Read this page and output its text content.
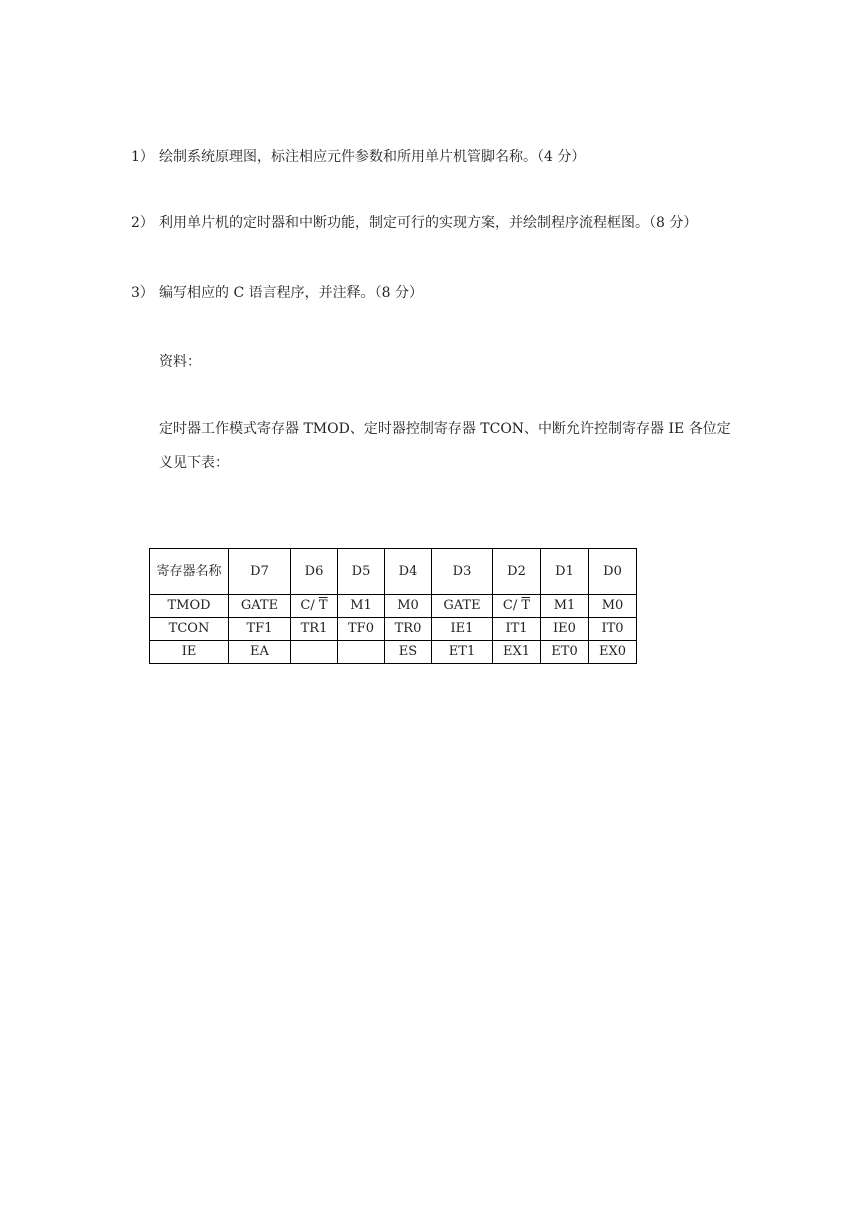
1） 绘制系统原理图，标注相应元件参数和所用单片机管脚名称。（4 分）

2） 利用单片机的定时器和中断功能，制定可行的实现方案，并绘制程序流程框图。（8 分）

3） 编写相应的 C 语言程序，并注释。（8 分）

资料：

定时器工作模式寄存器 TMOD、定时器控制寄存器 TCON、中断允许控制寄存器 IE 各位定

义见下表：

寄存器名称	D7	D6	D5	D4	D3	D2	D1	D0
TMOD	GATE	C/ $\overline{T}$	M1	M0	GATE	C/ $\overline{T}$	M1	M0
TCON	TF1	TR1	TF0	TR0	IE1	IT1	IE0	IT0
IE	EA			ES	ET1	EX1	ET0	EX0
